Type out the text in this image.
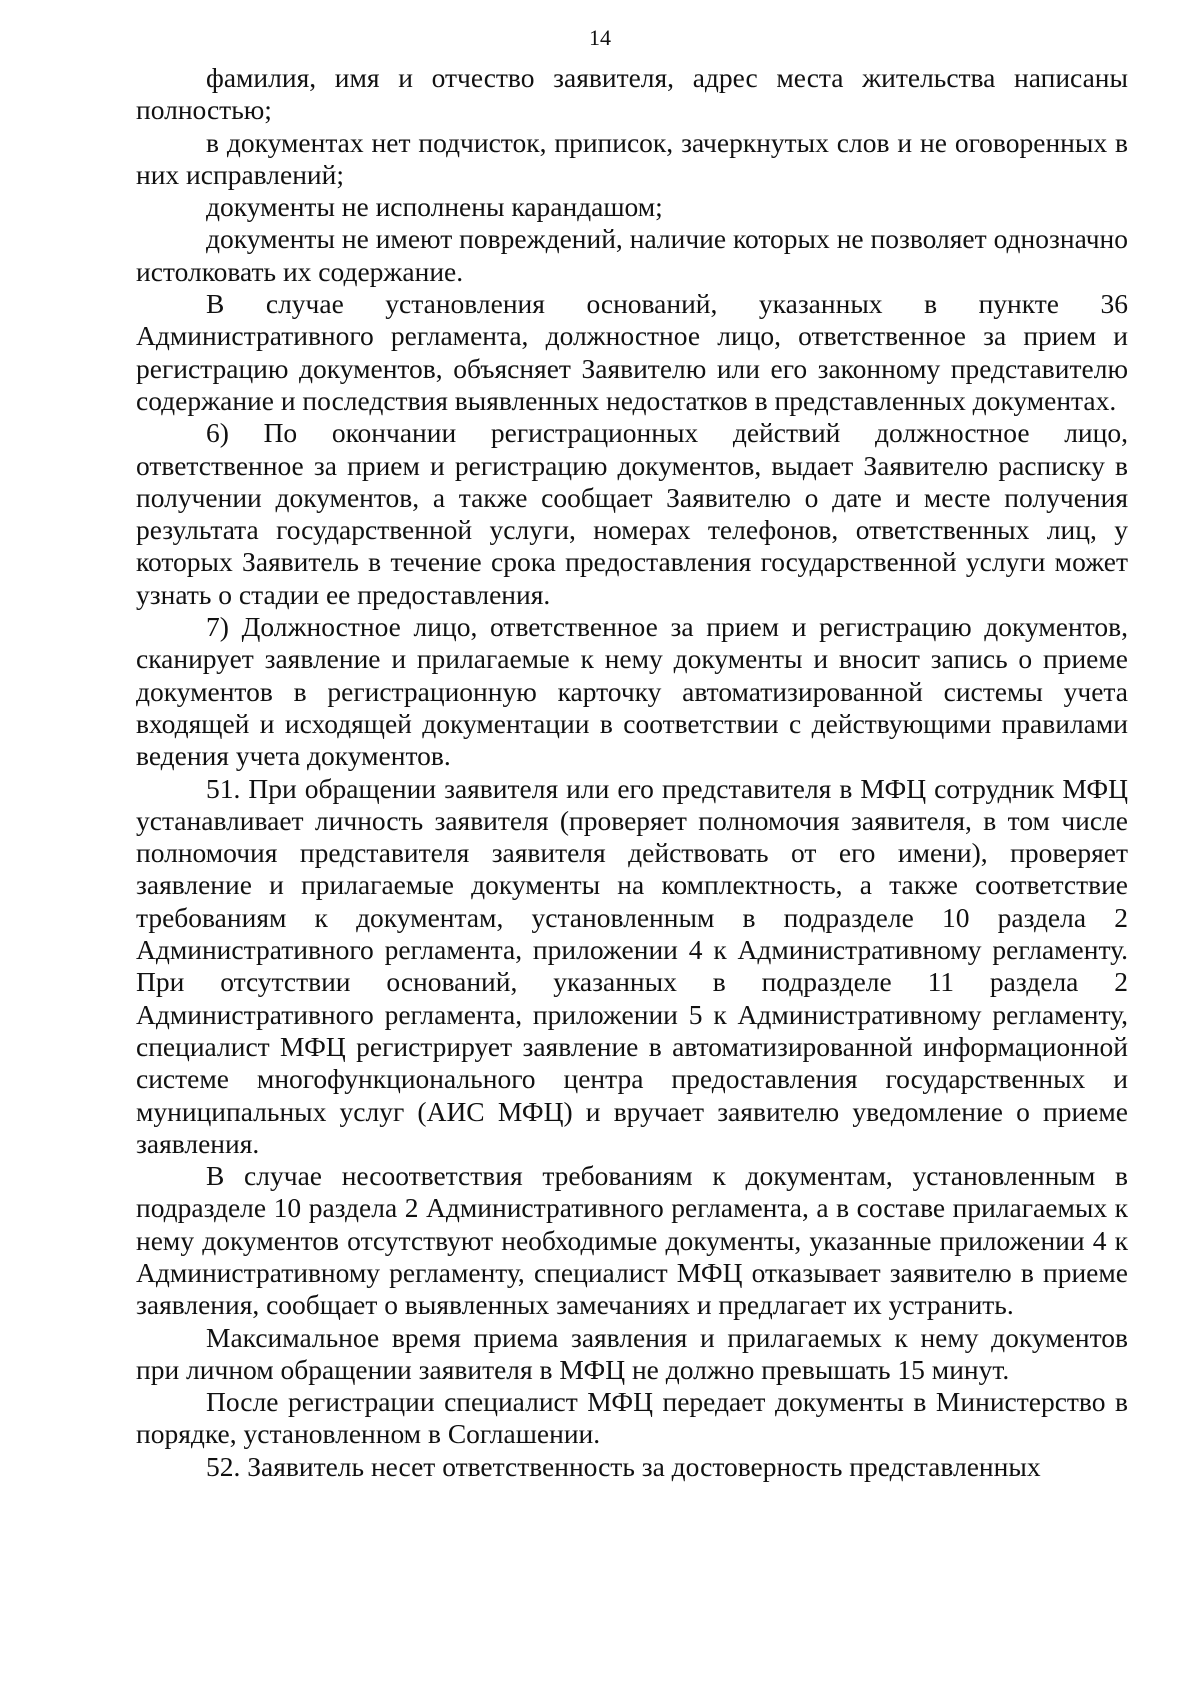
14

фамилия, имя и отчество заявителя, адрес места жительства написаны полностью;

в документах нет подчисток, приписок, зачеркнутых слов и не оговоренных в них исправлений;

документы не исполнены карандашом;

документы не имеют повреждений, наличие которых не позволяет однозначно истолковать их содержание.

В случае установления оснований, указанных в пункте 36 Административного регламента, должностное лицо, ответственное за прием и регистрацию документов, объясняет Заявителю или его законному представителю содержание и последствия выявленных недостатков в представленных документах.

6) По окончании регистрационных действий должностное лицо, ответственное за прием и регистрацию документов, выдает Заявителю расписку в получении документов, а также сообщает Заявителю о дате и месте получения результата государственной услуги, номерах телефонов, ответственных лиц, у которых Заявитель в течение срока предоставления государственной услуги может узнать о стадии ее предоставления.

7) Должностное лицо, ответственное за прием и регистрацию документов, сканирует заявление и прилагаемые к нему документы и вносит запись о приеме документов в регистрационную карточку автоматизированной системы учета входящей и исходящей документации в соответствии с действующими правилами ведения учета документов.

51. При обращении заявителя или его представителя в МФЦ сотрудник МФЦ устанавливает личность заявителя (проверяет полномочия заявителя, в том числе полномочия представителя заявителя действовать от его имени), проверяет заявление и прилагаемые документы на комплектность, а также соответствие требованиям к документам, установленным в подразделе 10 раздела 2 Административного регламента, приложении 4 к Административному регламенту. При отсутствии оснований, указанных в подразделе 11 раздела 2 Административного регламента, приложении 5 к Административному регламенту, специалист МФЦ регистрирует заявление в автоматизированной информационной системе многофункционального центра предоставления государственных и муниципальных услуг (АИС МФЦ) и вручает заявителю уведомление о приеме заявления.

В случае несоответствия требованиям к документам, установленным в подразделе 10 раздела 2 Административного регламента, а в составе прилагаемых к нему документов отсутствуют необходимые документы, указанные приложении 4 к Административному регламенту, специалист МФЦ отказывает заявителю в приеме заявления, сообщает о выявленных замечаниях и предлагает их устранить.

Максимальное время приема заявления и прилагаемых к нему документов при личном обращении заявителя в МФЦ не должно превышать 15 минут.

После регистрации специалист МФЦ передает документы в Министерство в порядке, установленном в Соглашении.

52. Заявитель несет ответственность за достоверность представленных
